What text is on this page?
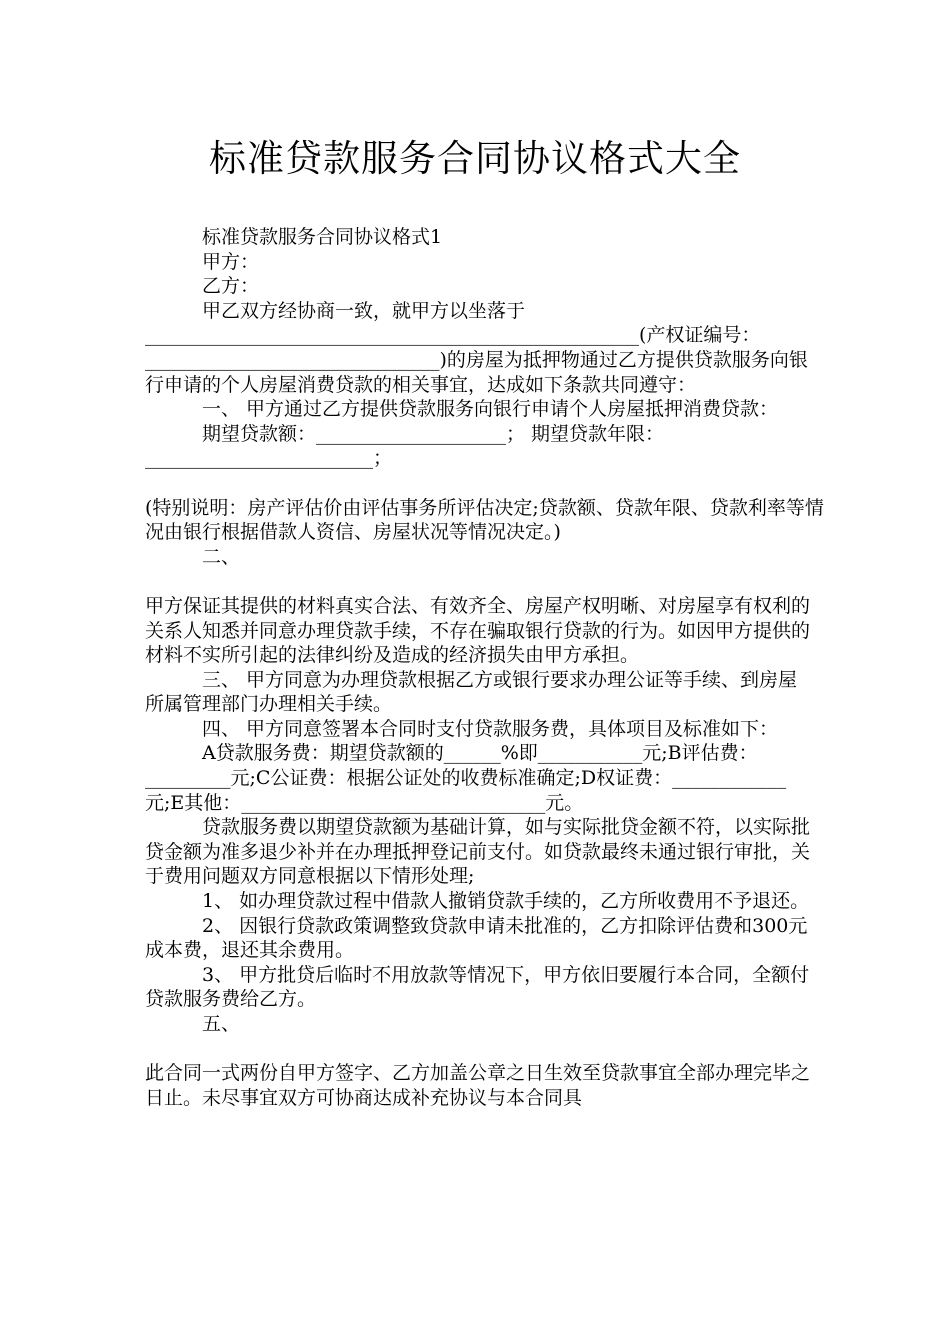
标准贷款服务合同协议格式大全

标准贷款服务合同协议格式1

甲方：

乙方：

甲乙双方经协商一致，就甲方以坐落于____________________________________________________(产权证编号：_______________________________)的房屋为抵押物通过乙方提供贷款服务向银行申请的个人房屋消费贷款的相关事宜，达成如下条款共同遵守：

一、 甲方通过乙方提供贷款服务向银行申请个人房屋抵押消费贷款：

期望贷款额：____________________； 期望贷款年限：________________________；

(特别说明：房产评估价由评估事务所评估决定;贷款额、贷款年限、贷款利率等情况由银行根据借款人资信、房屋状况等情况决定。)

二、

甲方保证其提供的材料真实合法、有效齐全、房屋产权明晰、对房屋享有权利的关系人知悉并同意办理贷款手续，不存在骗取银行贷款的行为。如因甲方提供的材料不实所引起的法律纠纷及造成的经济损失由甲方承担。

三、 甲方同意为办理贷款根据乙方或银行要求办理公证等手续、到房屋所属管理部门办理相关手续。

四、 甲方同意签署本合同时支付贷款服务费，具体项目及标准如下：

A贷款服务费：期望贷款额的______%即___________元;B评估费：_________元;C公证费：根据公证处的收费标准确定;D权证费：____________元;E其他：________________________________元。

贷款服务费以期望贷款额为基础计算，如与实际批贷金额不符，以实际批贷金额为准多退少补并在办理抵押登记前支付。如贷款最终未通过银行审批，关于费用问题双方同意根据以下情形处理;

1、 如办理贷款过程中借款人撤销贷款手续的，乙方所收费用不予退还。

2、 因银行贷款政策调整致贷款申请未批准的，乙方扣除评估费和300元成本费，退还其余费用。

3、 甲方批贷后临时不用放款等情况下，甲方依旧要履行本合同，全额付贷款服务费给乙方。

五、

此合同一式两份自甲方签字、乙方加盖公章之日生效至贷款事宜全部办理完毕之日止。未尽事宜双方可协商达成补充协议与本合同具
